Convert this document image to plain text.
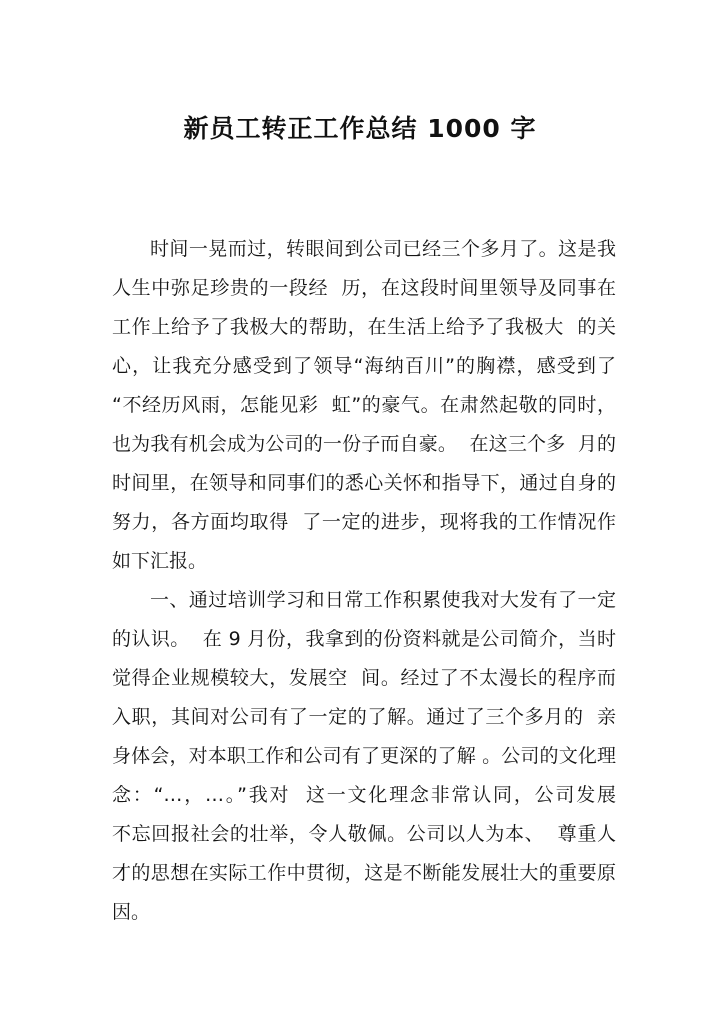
新员工转正工作总结 1000 字
时间一晃而过，转眼间到公司已经三个多月了。这是我
人生中弥足珍贵的一段经  历，在这段时间里领导及同事在
工作上给予了我极大的帮助，在生活上给予了我极大  的关
心，让我充分感受到了领导“海纳百川”的胸襟，感受到了
“不经历风雨，怎能见彩  虹”的豪气。在肃然起敬的同时，
也为我有机会成为公司的一份子而自豪。  在这三个多  月的
时间里，在领导和同事们的悉心关怀和指导下，通过自身的
努力，各方面均取得  了一定的进步，现将我的工作情况作
如下汇报。
一、通过培训学习和日常工作积累使我对大发有了一定
的认识。  在 9 月份，我拿到的份资料就是公司简介，当时
觉得企业规模较大，发展空  间。经过了不太漫长的程序而
入职，其间对公司有了一定的了解。通过了三个多月的  亲
身体会，对本职工作和公司有了更深的了解 。公司的文化理
念：“…，…。”我对  这一文化理念非常认同，公司发展
不忘回报社会的壮举，令人敬佩。公司以人为本、  尊重人
才的思想在实际工作中贯彻，这是不断能发展壮大的重要原
因。
